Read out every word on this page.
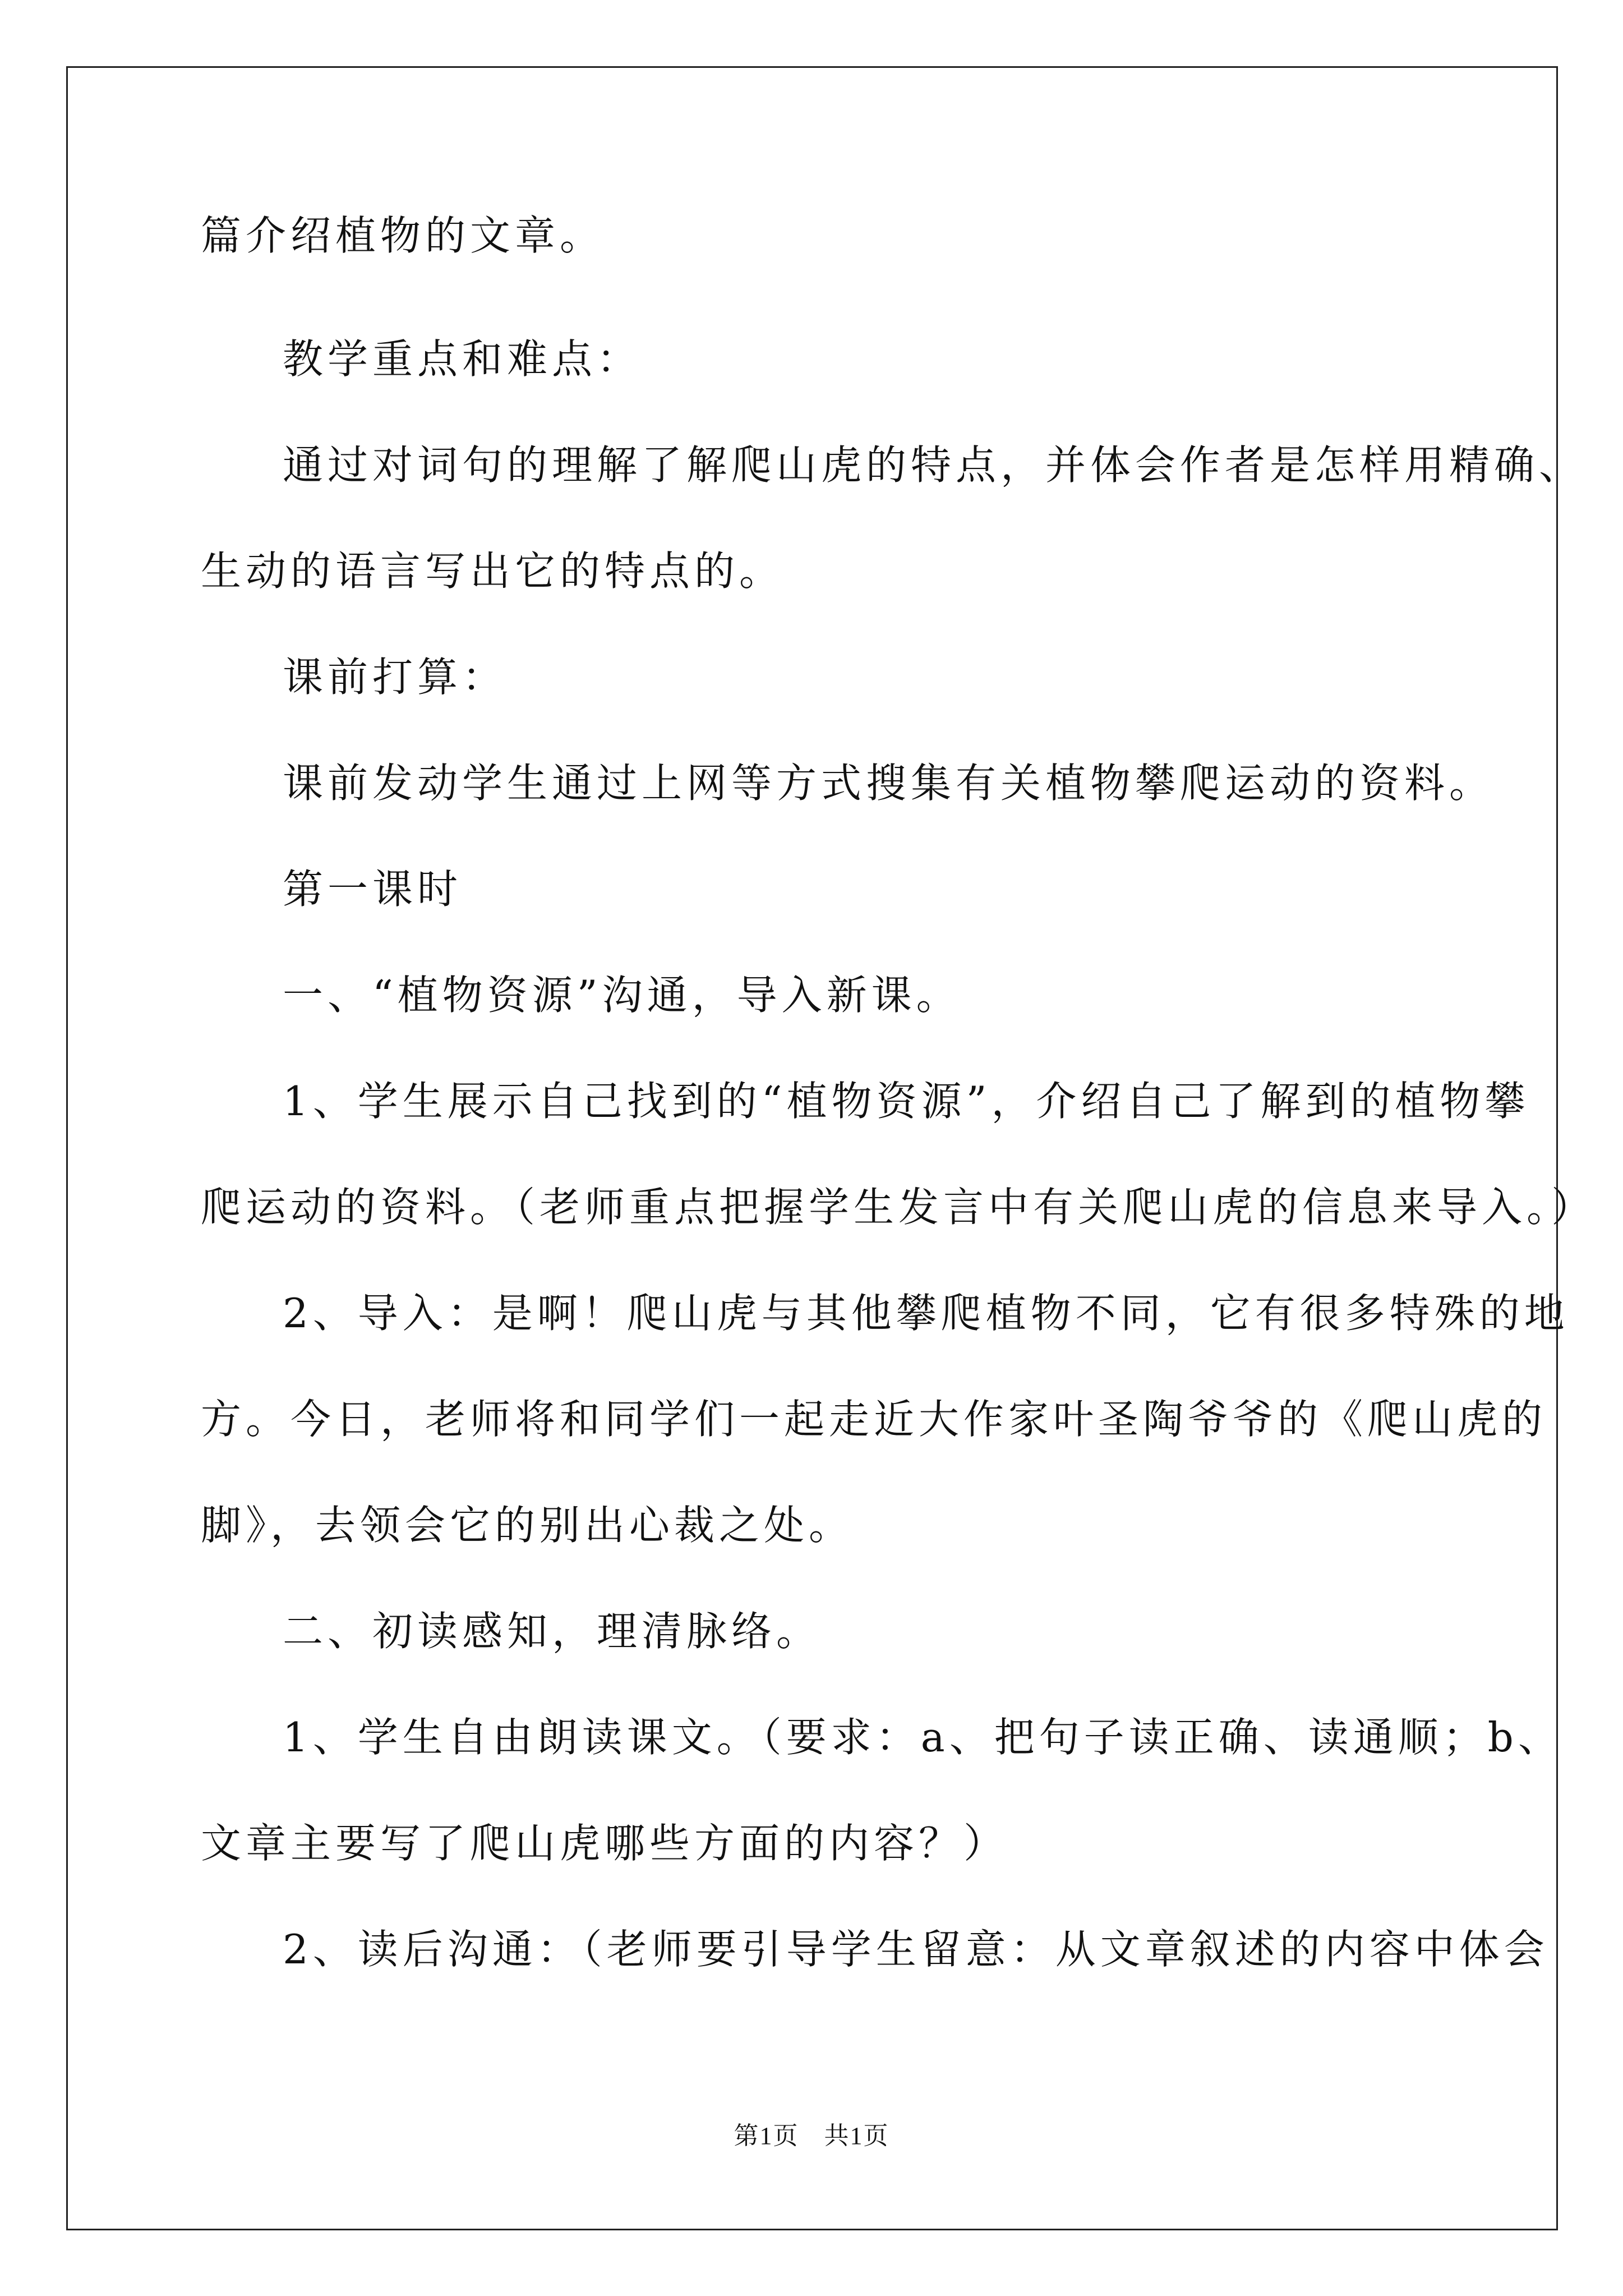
篇介绍植物的文章。
教学重点和难点：
通过对词句的理解了解爬山虎的特点，并体会作者是怎样用精确、
生动的语言写出它的特点的。
课前打算：
课前发动学生通过上网等方式搜集有关植物攀爬运动的资料。
第一课时
一、“植物资源”沟通，导入新课。
1、学生展示自己找到的“植物资源”，介绍自己了解到的植物攀
爬运动的资料。（老师重点把握学生发言中有关爬山虎的信息来导入。）
2、导入：是啊！爬山虎与其他攀爬植物不同，它有很多特殊的地
方。今日，老师将和同学们一起走近大作家叶圣陶爷爷的《爬山虎的
脚》，去领会它的别出心裁之处。
二、初读感知，理清脉络。
1、学生自由朗读课文。（要求：a、把句子读正确、读通顺；b、
文章主要写了爬山虎哪些方面的内容？）
2、读后沟通：（老师要引导学生留意：从文章叙述的内容中体会
第1页 共1页
